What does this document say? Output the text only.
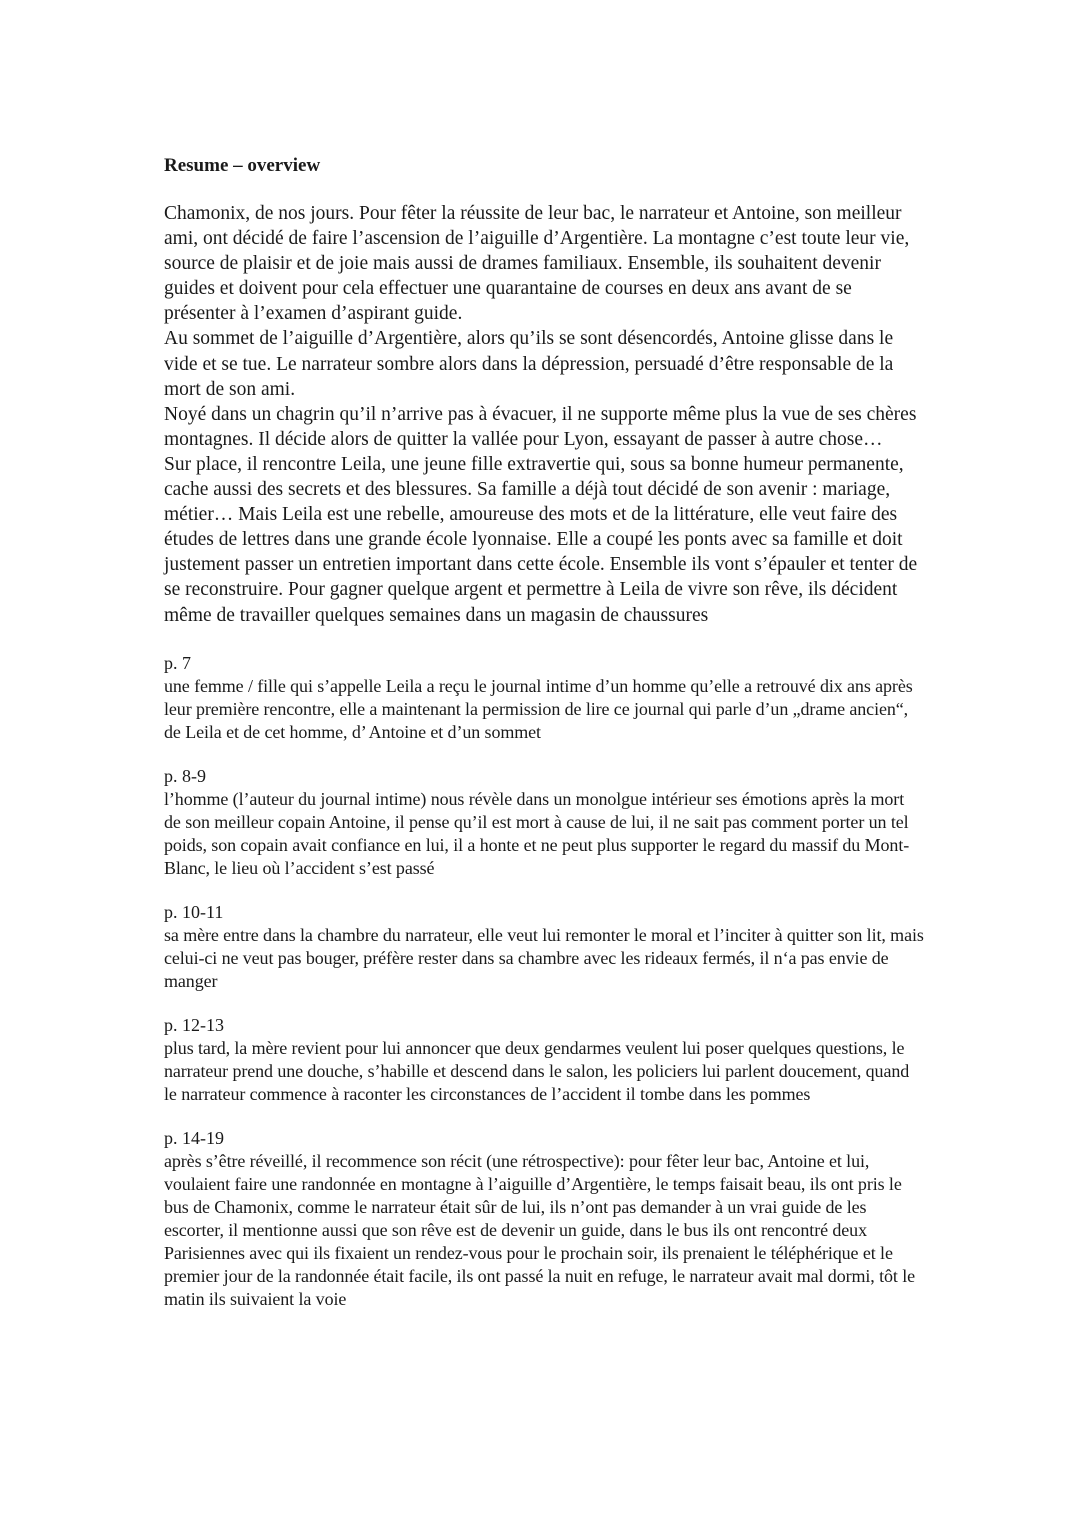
Resume – overview

Chamonix, de nos jours. Pour fêter la réussite de leur bac, le narrateur et Antoine, son meilleur ami, ont décidé de faire l’ascension de l’aiguille d’Argentière. La montagne c’est toute leur vie, source de plaisir et de joie mais aussi de drames familiaux. Ensemble, ils souhaitent devenir guides et doivent pour cela effectuer une quarantaine de courses en deux ans avant de se présenter à l’examen d’aspirant guide.

Au sommet de l’aiguille d’Argentière, alors qu’ils se sont désencordés, Antoine glisse dans le vide et se tue. Le narrateur sombre alors dans la dépression, persuadé d’être responsable de la mort de son ami.

Noyé dans un chagrin qu’il n’arrive pas à évacuer, il ne supporte même plus la vue de ses chères montagnes. Il décide alors de quitter la vallée pour Lyon, essayant de passer à autre chose…

Sur place, il rencontre Leila, une jeune fille extravertie qui, sous sa bonne humeur permanente, cache aussi des secrets et des blessures. Sa famille a déjà tout décidé de son avenir : mariage, métier… Mais Leila est une rebelle, amoureuse des mots et de la littérature, elle veut faire des études de lettres dans une grande école lyonnaise. Elle a coupé les ponts avec sa famille et doit justement passer un entretien important dans cette école. Ensemble ils vont s’épauler et tenter de se reconstruire. Pour gagner quelque argent et permettre à Leila de vivre son rêve, ils décident même de travailler quelques semaines dans un magasin de chaussures

p. 7

une femme / fille qui s’appelle Leila a reçu le journal intime d’un homme qu’elle a retrouvé dix ans après leur première rencontre, elle a maintenant la permission de lire ce journal qui parle d’un „drame ancien“, de Leila et de cet homme, d’ Antoine et d’un sommet

p. 8-9

l’homme (l’auteur du journal intime) nous révèle dans un monolgue intérieur ses émotions après la mort de son meilleur copain Antoine, il pense qu’il est mort à cause de lui, il ne sait pas comment porter un tel poids, son copain avait confiance en lui, il a honte et ne peut plus supporter le regard du massif du Mont-Blanc, le lieu où l’accident s’est passé

p. 10-11

sa mère entre dans la chambre du narrateur, elle veut lui remonter le moral et l’inciter à quitter son lit, mais celui-ci ne veut pas bouger, préfère rester dans sa chambre avec les rideaux fermés, il n‘a pas envie de manger

p. 12-13

plus tard, la mère revient pour lui annoncer que deux gendarmes veulent lui poser quelques questions, le narrateur prend une douche, s’habille et descend dans le salon, les policiers lui parlent doucement, quand le narrateur commence à raconter les circonstances de l’accident il tombe dans les pommes

p. 14-19

après s’être réveillé, il recommence son récit (une rétrospective): pour fêter leur bac, Antoine et lui, voulaient faire une randonnée en montagne à l’aiguille d’Argentière, le temps faisait beau, ils ont pris le bus de Chamonix, comme le narrateur était sûr de lui, ils n’ont pas demander à un vrai guide de les escorter, il mentionne aussi que son rêve est de devenir un guide, dans le bus ils ont rencontré deux Parisiennes avec qui ils fixaient un rendez-vous pour le prochain soir, ils prenaient le téléphérique et le premier jour de la randonnée était facile, ils ont passé la nuit en refuge, le narrateur avait mal dormi, tôt le matin ils suivaient la voie
